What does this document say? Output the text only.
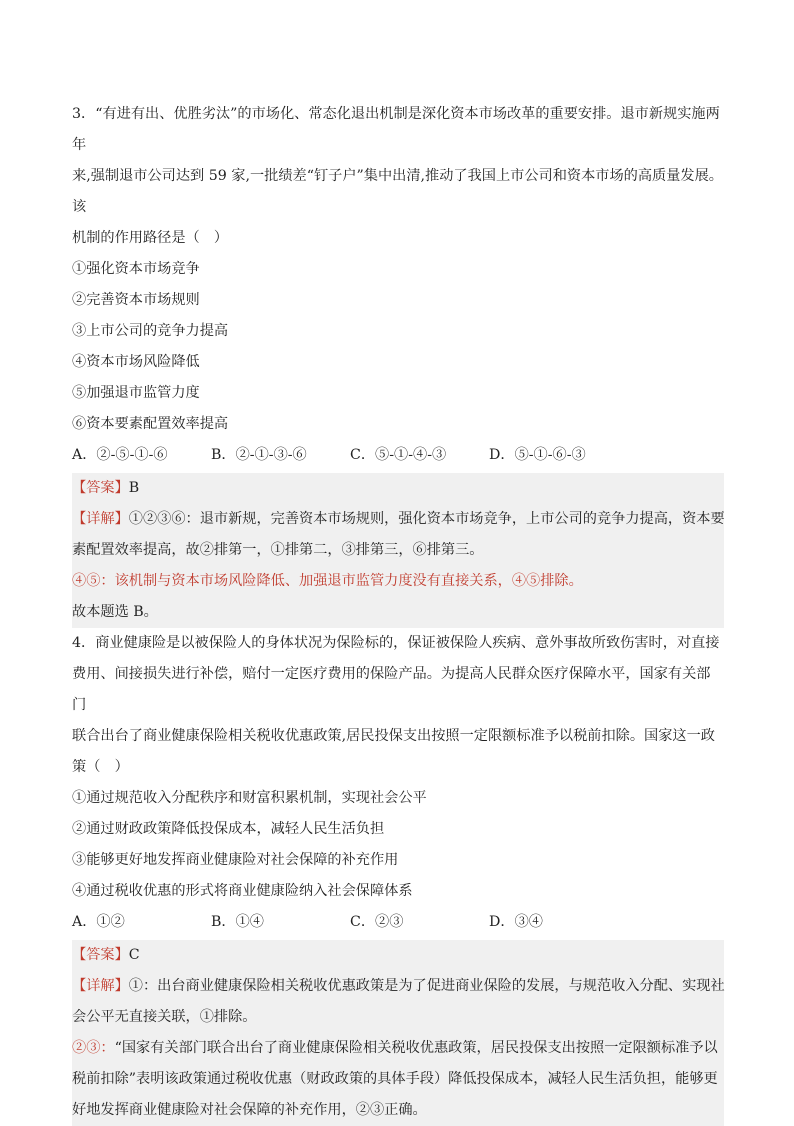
3．“有进有出、优胜劣汰”的市场化、常态化退出机制是深化资本市场改革的重要安排。退市新规实施两年
来,强制退市公司达到 59 家,一批绩差“钉子户”集中出清,推动了我国上市公司和资本市场的高质量发展。该
机制的作用路径是（　）
①强化资本市场竞争
②完善资本市场规则
③上市公司的竞争力提高
④资本市场风险降低
⑤加强退市监管力度
⑥资本要素配置效率提高
A．②-⑤-①-⑥	B．②-①-③-⑥	C．⑤-①-④-③	D．⑤-①-⑥-③
【答案】B
【详解】①②③⑥：退市新规，完善资本市场规则，强化资本市场竞争，上市公司的竞争力提高，资本要
素配置效率提高，故②排第一，①排第二，③排第三，⑥排第三。
④⑤：该机制与资本市场风险降低、加强退市监管力度没有直接关系，④⑤排除。
故本题选 B。
4．商业健康险是以被保险人的身体状况为保险标的，保证被保险人疾病、意外事故所致伤害时，对直接
费用、间接损失进行补偿，赔付一定医疗费用的保险产品。为提高人民群众医疗保障水平，国家有关部门
联合出台了商业健康保险相关税收优惠政策,居民投保支出按照一定限额标准予以税前扣除。国家这一政
策（　）
①通过规范收入分配秩序和财富积累机制，实现社会公平
②通过财政政策降低投保成本，减轻人民生活负担
③能够更好地发挥商业健康险对社会保障的补充作用
④通过税收优惠的形式将商业健康险纳入社会保障体系
A．①②	B．①④	C．②③	D．③④
【答案】C
【详解】①：出台商业健康保险相关税收优惠政策是为了促进商业保险的发展，与规范收入分配、实现社
会公平无直接关联，①排除。
②③：“国家有关部门联合出台了商业健康保险相关税收优惠政策，居民投保支出按照一定限额标准予以
税前扣除”表明该政策通过税收优惠（财政政策的具体手段）降低投保成本，减轻人民生活负担，能够更
好地发挥商业健康险对社会保障的补充作用，②③正确。
